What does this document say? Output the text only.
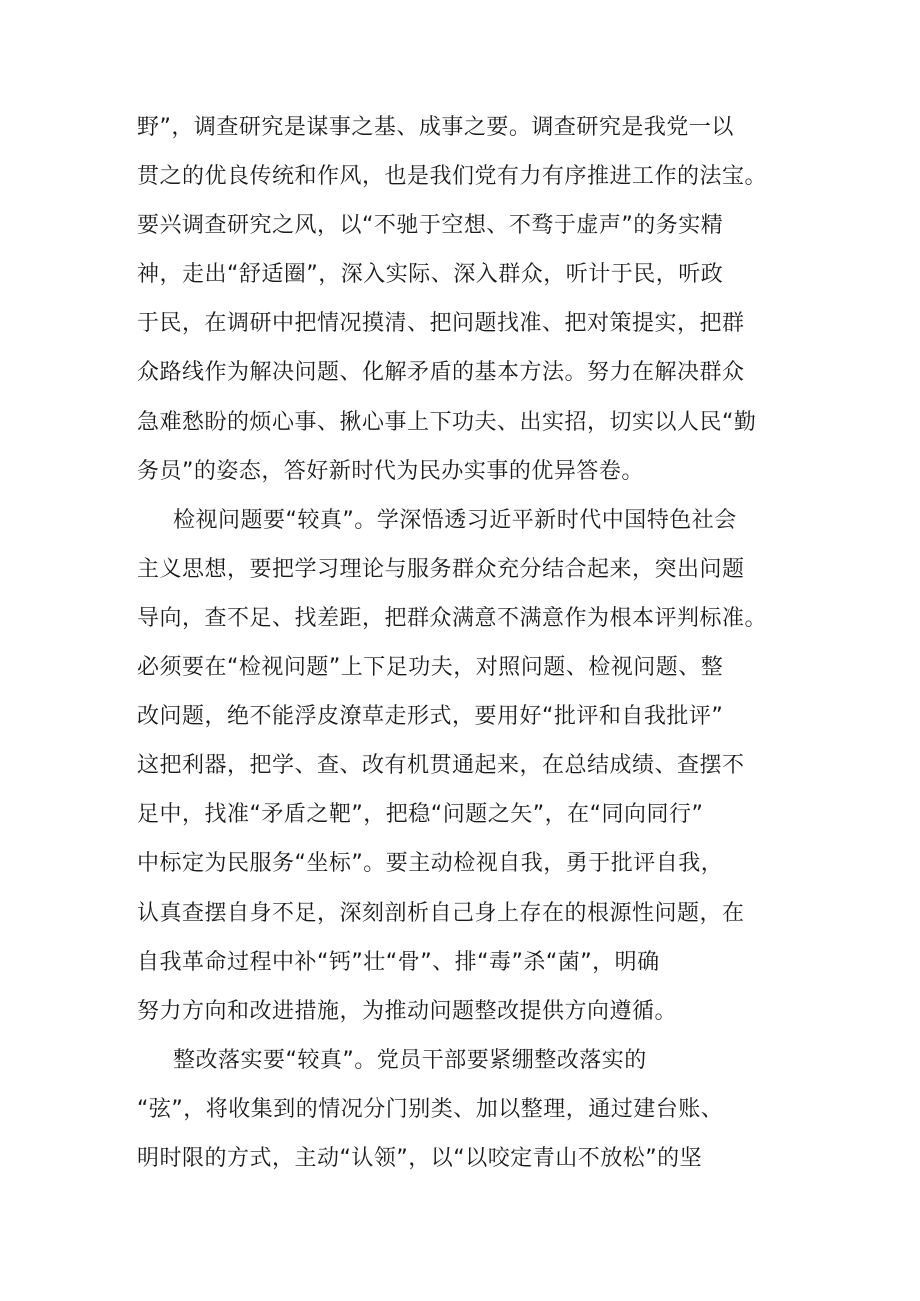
野”，调查研究是谋事之基、成事之要。调查研究是我党一以
贯之的优良传统和作风，也是我们党有力有序推进工作的法宝。
要兴调查研究之风，以“不驰于空想、不骛于虚声”的务实精
神，走出“舒适圈”，深入实际、深入群众，听计于民，听政
于民，在调研中把情况摸清、把问题找准、把对策提实，把群
众路线作为解决问题、化解矛盾的基本方法。努力在解决群众
急难愁盼的烦心事、揪心事上下功夫、出实招，切实以人民“勤
务员”的姿态，答好新时代为民办实事的优异答卷。
检视问题要“较真”。学深悟透习近平新时代中国特色社会
主义思想，要把学习理论与服务群众充分结合起来，突出问题
导向，查不足、找差距，把群众满意不满意作为根本评判标准。
必须要在“检视问题”上下足功夫，对照问题、检视问题、整
改问题，绝不能浮皮潦草走形式，要用好“批评和自我批评”
这把利器，把学、查、改有机贯通起来，在总结成绩、查摆不
足中，找准“矛盾之靶”，把稳“问题之矢”，在“同向同行”
中标定为民服务“坐标”。要主动检视自我，勇于批评自我，
认真查摆自身不足，深刻剖析自己身上存在的根源性问题，在
自我革命过程中补“钙”壮“骨”、排“毒”杀“菌”，明确
努力方向和改进措施，为推动问题整改提供方向遵循。
整改落实要“较真”。党员干部要紧绷整改落实的
“弦”，将收集到的情况分门别类、加以整理，通过建台账、
明时限的方式，主动“认领”，以“以咬定青山不放松”的坚
